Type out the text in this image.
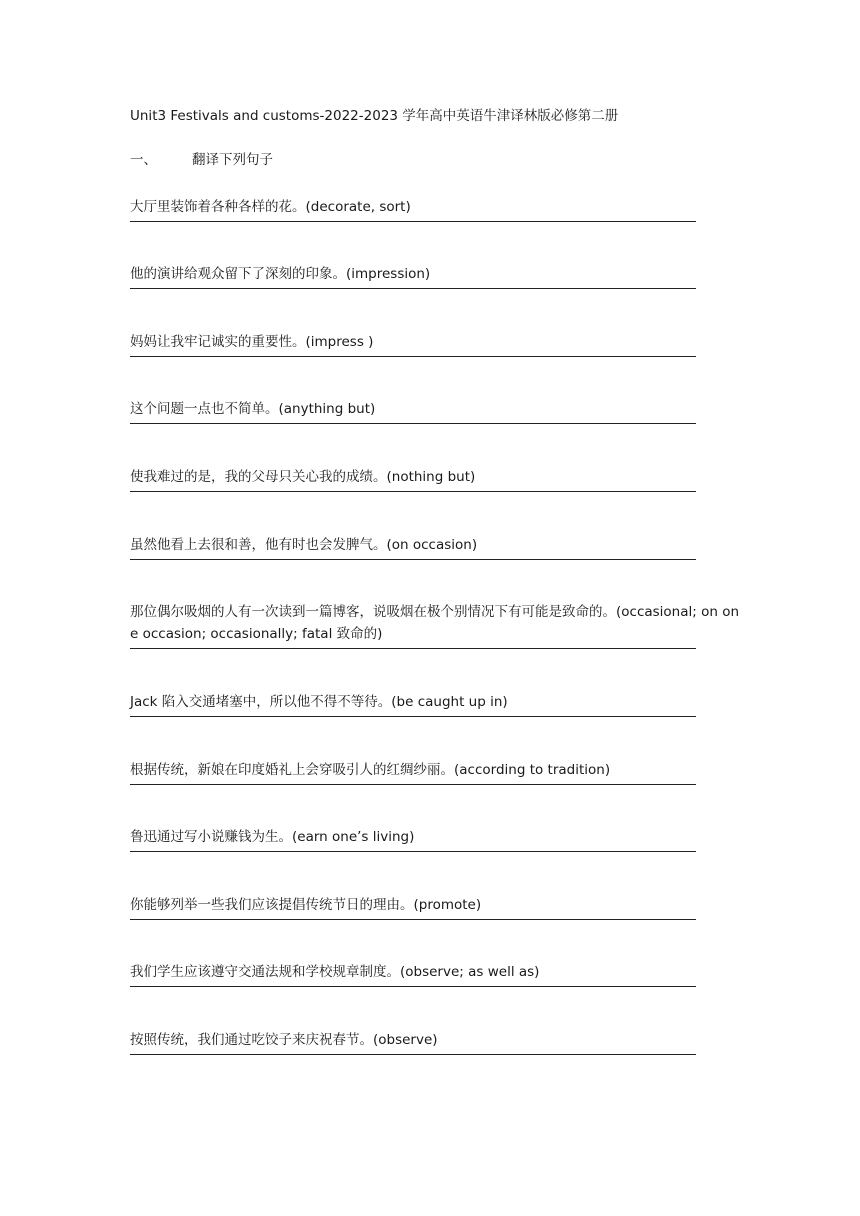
Unit3 Festivals and customs-2022-2023 学年高中英语牛津译林版必修第二册
一、	翻译下列句子

大厅里装饰着各种各样的花。(decorate, sort)

他的演讲给观众留下了深刻的印象。(impression)

妈妈让我牢记诚实的重要性。(impress )

这个问题一点也不简单。(anything but)

使我难过的是，我的父母只关心我的成绩。(nothing but)

虽然他看上去很和善，他有时也会发脾气。(on occasion)

那位偶尔吸烟的人有一次读到一篇博客，说吸烟在极个别情况下有可能是致命的。(occasional; on one occasion; occasionally; fatal 致命的)

Jack 陷入交通堵塞中，所以他不得不等待。(be caught up in)

根据传统，新娘在印度婚礼上会穿吸引人的红绸纱丽。(according to tradition)

鲁迅通过写小说赚钱为生。(earn one’s living)

你能够列举一些我们应该提倡传统节日的理由。(promote)

我们学生应该遵守交通法规和学校规章制度。(observe; as well as)

按照传统，我们通过吃饺子来庆祝春节。(observe)
